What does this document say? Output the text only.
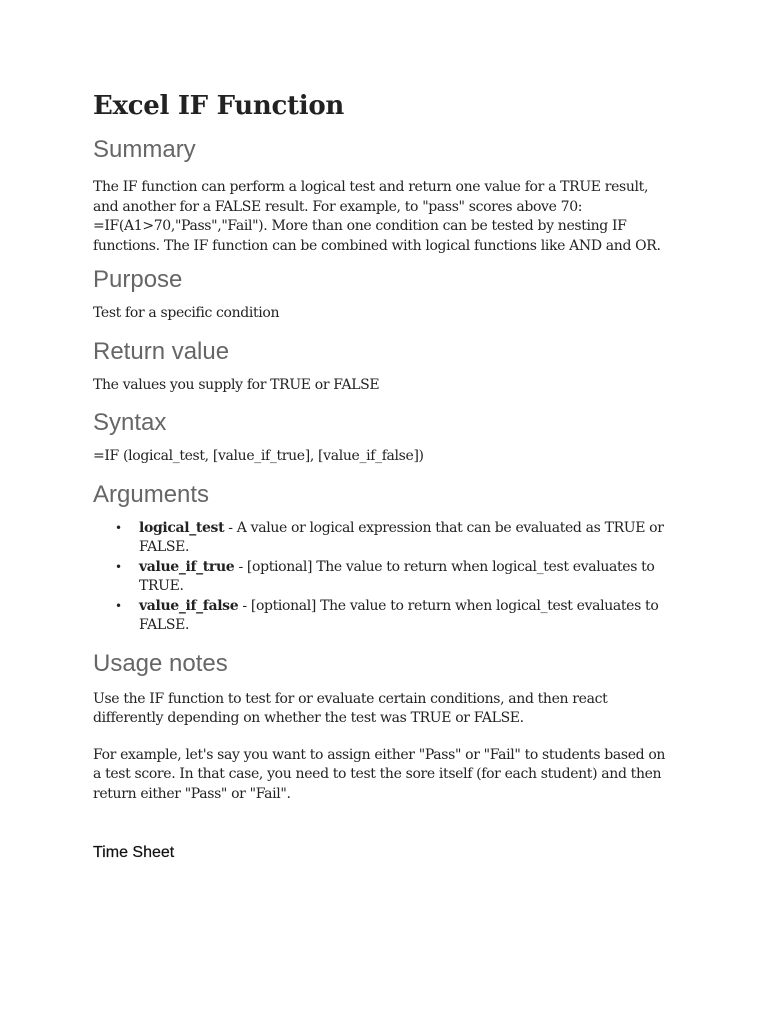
Excel IF Function
Summary

The IF function can perform a logical test and return one value for a TRUE result, and another for a FALSE result. For example, to "pass" scores above 70: =IF(A1>70,"Pass","Fail"). More than one condition can be tested by nesting IF functions. The IF function can be combined with logical functions like AND and OR.

Purpose

Test for a specific condition

Return value

The values you supply for TRUE or FALSE

Syntax

=IF (logical_test, [value_if_true], [value_if_false])

Arguments
• logical_test - A value or logical expression that can be evaluated as TRUE or FALSE.
• value_if_true - [optional] The value to return when logical_test evaluates to TRUE.
• value_if_false - [optional] The value to return when logical_test evaluates to FALSE.
Usage notes

Use the IF function to test for or evaluate certain conditions, and then react differently depending on whether the test was TRUE or FALSE.

For example, let's say you want to assign either "Pass" or "Fail" to students based on a test score. In that case, you need to test the sore itself (for each student) and then return either "Pass" or "Fail".

Time Sheet
